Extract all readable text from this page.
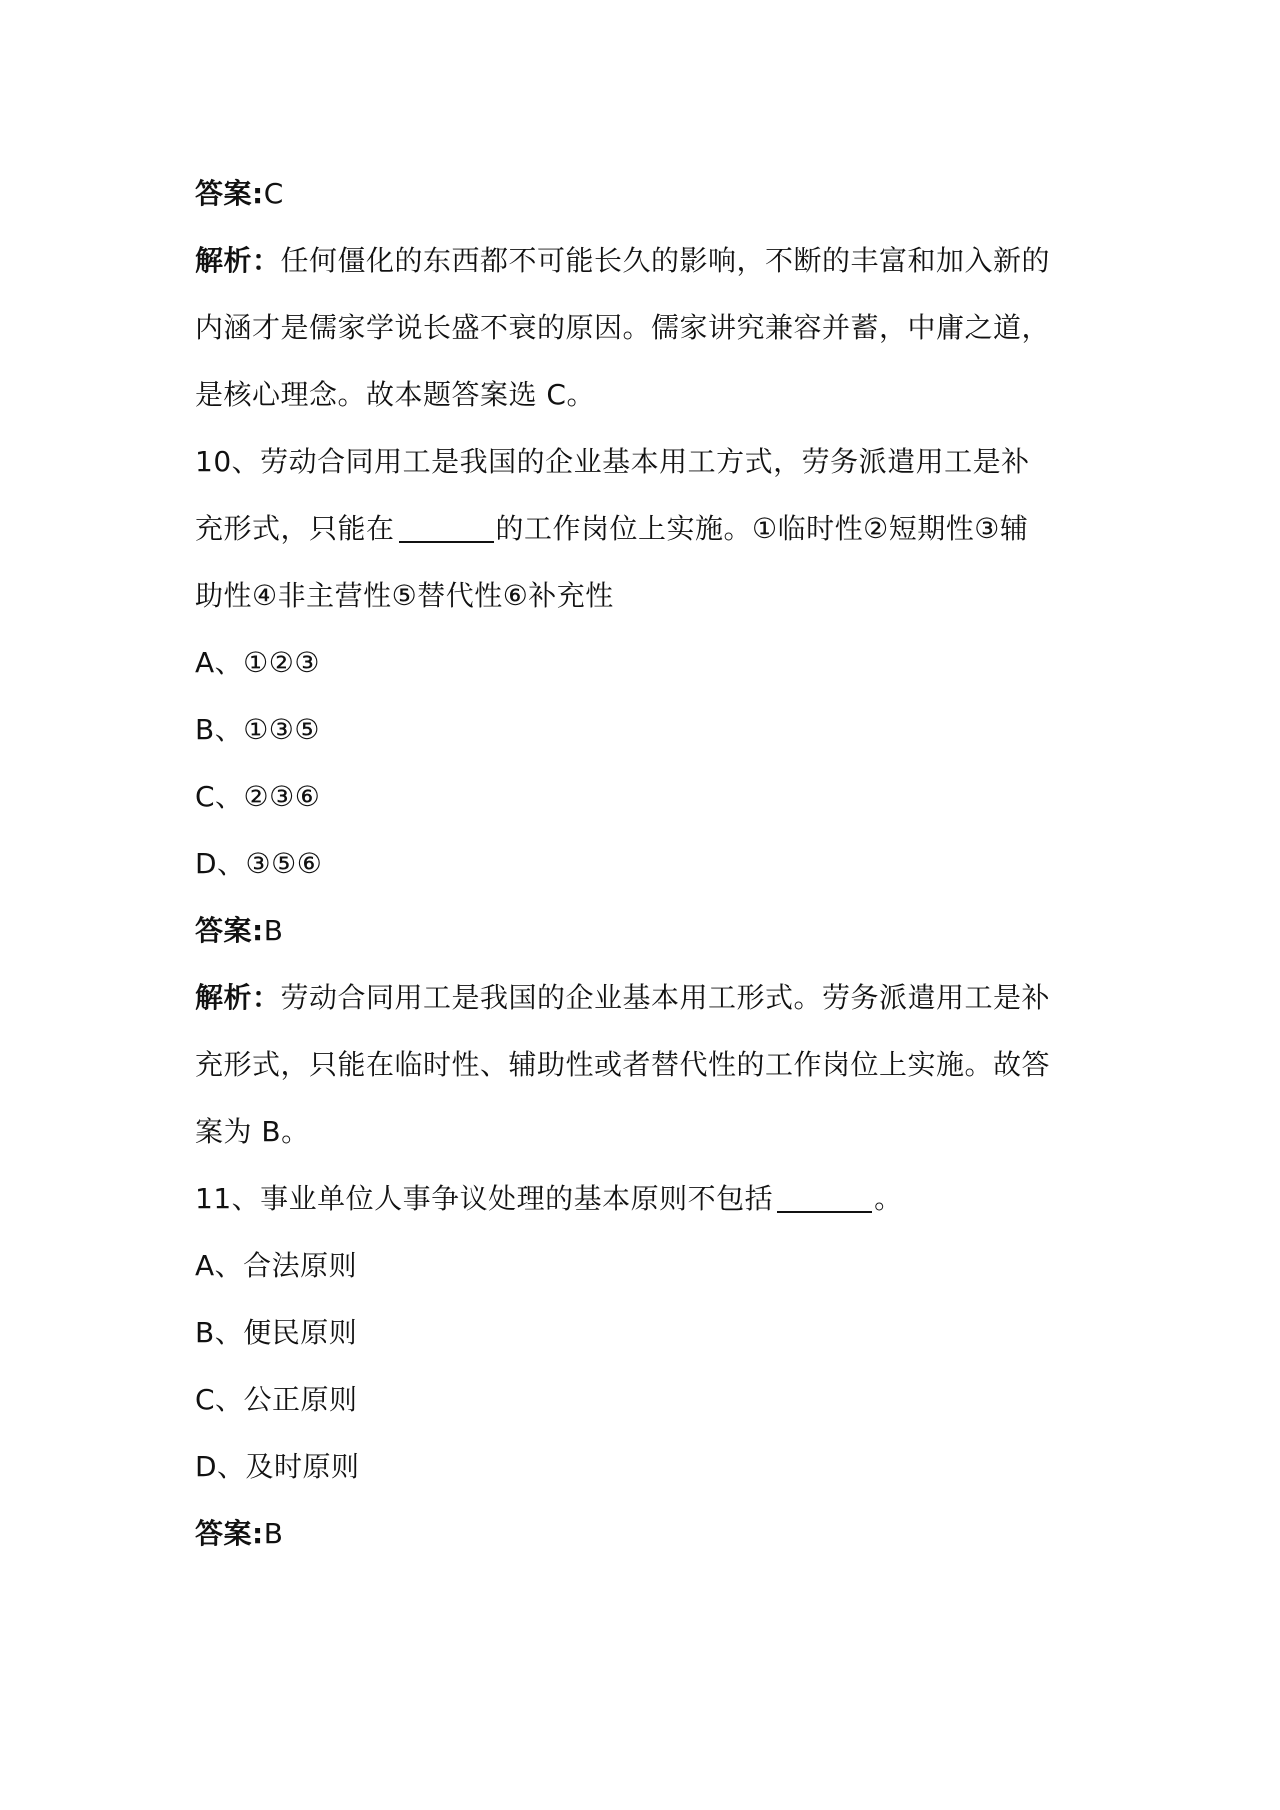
答案:C
解析：任何僵化的东西都不可能长久的影响，不断的丰富和加入新的
内涵才是儒家学说长盛不衰的原因。儒家讲究兼容并蓄，中庸之道，
是核心理念。故本题答案选 C。
10、劳动合同用工是我国的企业基本用工方式，劳务派遣用工是补
充形式，只能在	的工作岗位上实施。①临时性②短期性③辅
助性④非主营性⑤替代性⑥补充性
A、①②③
B、①③⑤
C、②③⑥
D、③⑤⑥
答案:B
解析：劳动合同用工是我国的企业基本用工形式。劳务派遣用工是补
充形式，只能在临时性、辅助性或者替代性的工作岗位上实施。故答
案为 B。
11、事业单位人事争议处理的基本原则不包括	。
A、合法原则
B、便民原则
C、公正原则
D、及时原则
答案:B
